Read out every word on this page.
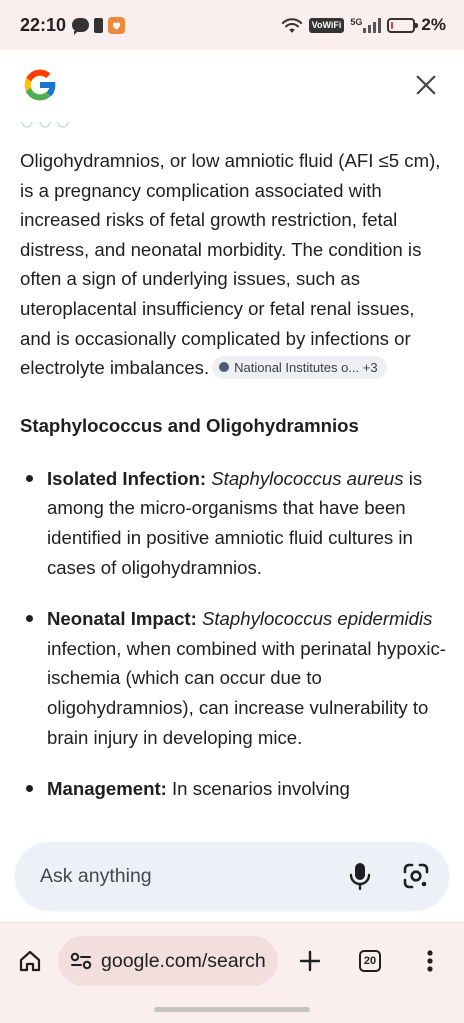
22:10	VoWiFi	5G	2%

Oligohydramnios, or low amniotic fluid (AFI ≤5 cm), is a pregnancy complication associated with increased risks of fetal growth restriction, fetal distress, and neonatal morbidity. The condition is often a sign of underlying issues, such as uteroplacental insufficiency or fetal renal issues, and is occasionally complicated by infections or electrolyte imbalances. National Institutes o... +3

Staphylococcus and Oligohydramnios
Isolated Infection: Staphylococcus aureus is among the micro-organisms that have been identified in positive amniotic fluid cultures in cases of oligohydramnios.
Neonatal Impact: Staphylococcus epidermidis infection, when combined with perinatal hypoxic-ischemia (which can occur due to oligohydramnios), can increase vulnerability to brain injury in developing mice.
Management: In scenarios involving
Ask anything
google.com/search	20
